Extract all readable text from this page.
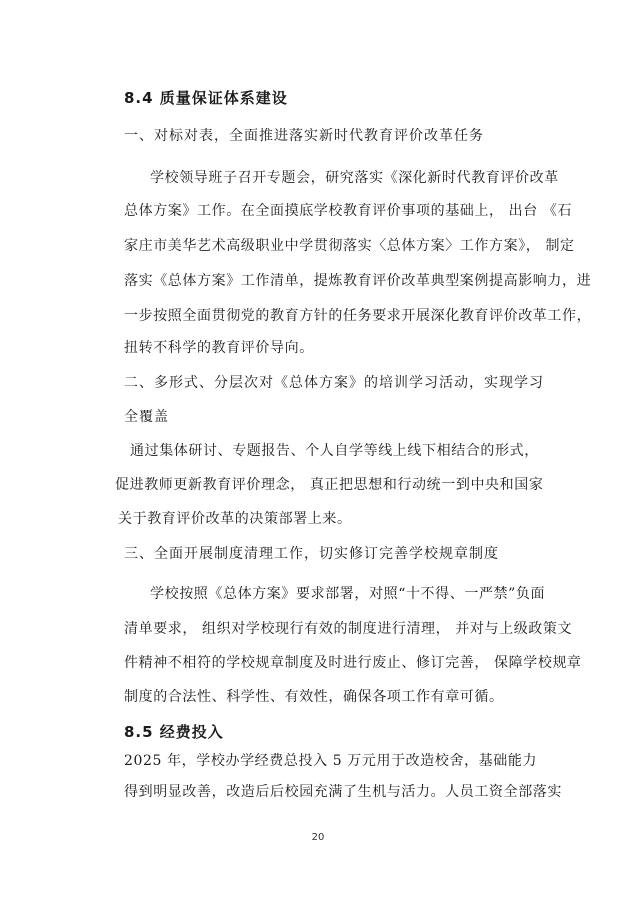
8.4 质量保证体系建设
一、对标对表，全面推进落实新时代教育评价改革任务
学校领导班子召开专题会，研究落实《深化新时代教育评价改革
总体方案》工作。在全面摸底学校教育评价事项的基础上， 出台 《石
家庄市美华艺术高级职业中学贯彻落实〈总体方案〉工作方案》， 制定
落实《总体方案》工作清单，提炼教育评价改革典型案例提高影响力，进
一步按照全面贯彻党的教育方针的任务要求开展深化教育评价改革工作，
扭转不科学的教育评价导向。
二、多形式、分层次对《总体方案》的培训学习活动，实现学习
全覆盖
通过集体研讨、专题报告、个人自学等线上线下相结合的形式，
促进教师更新教育评价理念， 真正把思想和行动统一到中央和国家
关于教育评价改革的决策部署上来。
三、全面开展制度清理工作，切实修订完善学校规章制度
学校按照《总体方案》要求部署，对照“十不得、一严禁”负面
清单要求， 组织对学校现行有效的制度进行清理， 并对与上级政策文
件精神不相符的学校规章制度及时进行废止、修订完善， 保障学校规章
制度的合法性、科学性、有效性，确保各项工作有章可循。
8.5 经费投入
2025 年，学校办学经费总投入 5 万元用于改造校舍，基础能力
得到明显改善，改造后后校园充满了生机与活力。人员工资全部落实
20
